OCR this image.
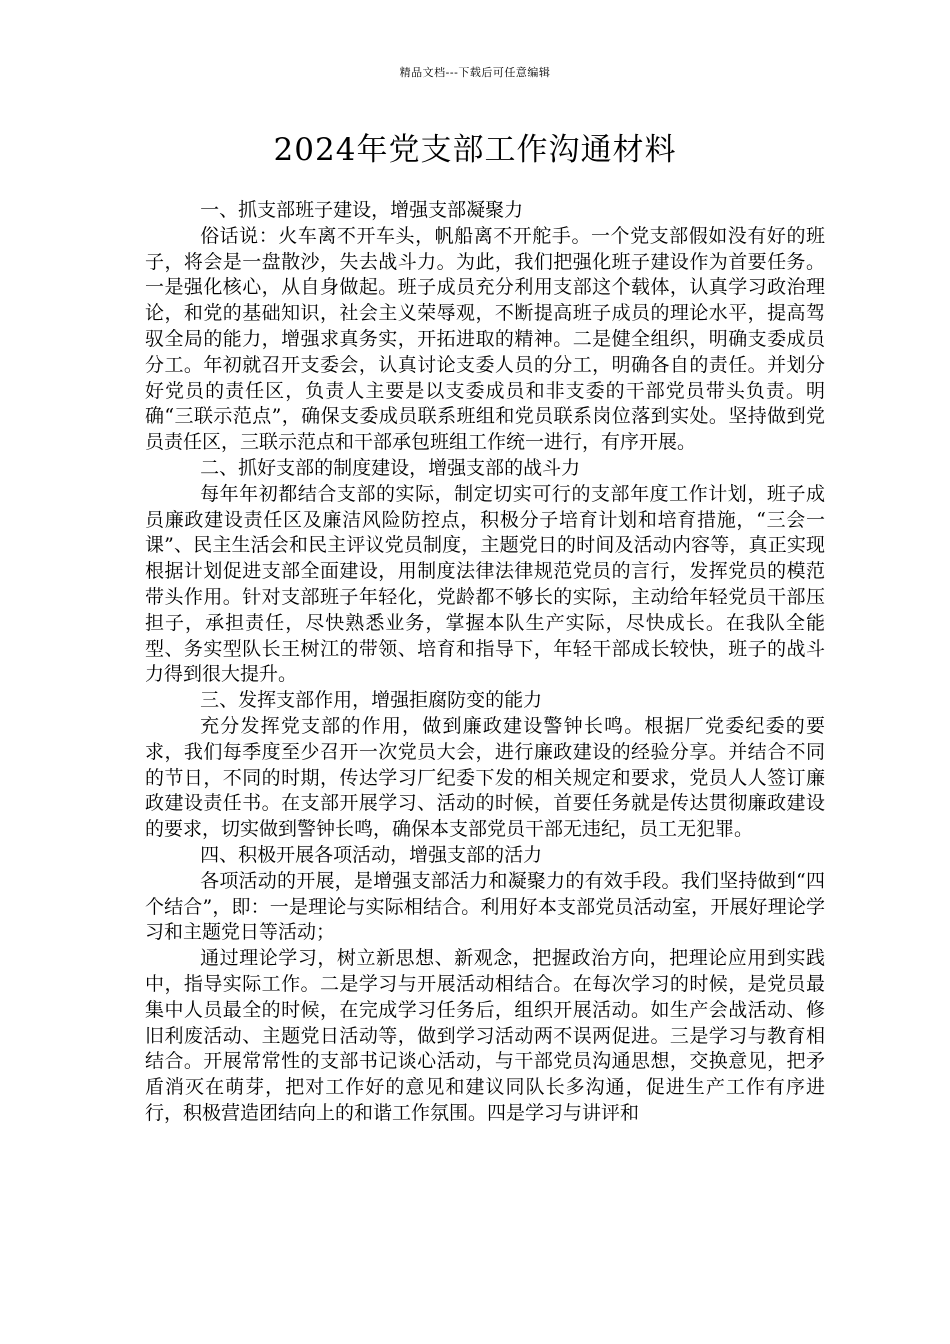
精品文档---下载后可任意编辑
2024年党支部工作沟通材料

一、抓支部班子建设，增强支部凝聚力

俗话说：火车离不开车头，帆船离不开舵手。一个党支部假如没有好的班子，将会是一盘散沙，失去战斗力。为此，我们把强化班子建设作为首要任务。一是强化核心，从自身做起。班子成员充分利用支部这个载体，认真学习政治理论，和党的基础知识，社会主义荣辱观，不断提高班子成员的理论水平，提高驾驭全局的能力，增强求真务实，开拓进取的精神。二是健全组织，明确支委成员分工。年初就召开支委会，认真讨论支委人员的分工，明确各自的责任。并划分好党员的责任区，负责人主要是以支委成员和非支委的干部党员带头负责。明确“三联示范点”，确保支委成员联系班组和党员联系岗位落到实处。坚持做到党员责任区，三联示范点和干部承包班组工作统一进行，有序开展。

二、抓好支部的制度建设，增强支部的战斗力

每年年初都结合支部的实际，制定切实可行的支部年度工作计划，班子成员廉政建设责任区及廉洁风险防控点，积极分子培育计划和培育措施，“三会一课”、民主生活会和民主评议党员制度，主题党日的时间及活动内容等，真正实现根据计划促进支部全面建设，用制度法律法律规范党员的言行，发挥党员的模范带头作用。针对支部班子年轻化，党龄都不够长的实际，主动给年轻党员干部压担子，承担责任，尽快熟悉业务，掌握本队生产实际，尽快成长。在我队全能型、务实型队长王树江的带领、培育和指导下，年轻干部成长较快，班子的战斗力得到很大提升。

三、发挥支部作用，增强拒腐防变的能力

充分发挥党支部的作用，做到廉政建设警钟长鸣。根据厂党委纪委的要求，我们每季度至少召开一次党员大会，进行廉政建设的经验分享。并结合不同的节日，不同的时期，传达学习厂纪委下发的相关规定和要求，党员人人签订廉政建设责任书。在支部开展学习、活动的时候，首要任务就是传达贯彻廉政建设的要求，切实做到警钟长鸣，确保本支部党员干部无违纪，员工无犯罪。

四、积极开展各项活动，增强支部的活力

各项活动的开展，是增强支部活力和凝聚力的有效手段。我们坚持做到“四个结合”，即：一是理论与实际相结合。利用好本支部党员活动室，开展好理论学习和主题党日等活动；

通过理论学习，树立新思想、新观念，把握政治方向，把理论应用到实践中，指导实际工作。二是学习与开展活动相结合。在每次学习的时候，是党员最集中人员最全的时候，在完成学习任务后，组织开展活动。如生产会战活动、修旧利废活动、主题党日活动等，做到学习活动两不误两促进。三是学习与教育相结合。开展常常性的支部书记谈心活动，与干部党员沟通思想，交换意见，把矛盾消灭在萌芽，把对工作好的意见和建议同队长多沟通，促进生产工作有序进行，积极营造团结向上的和谐工作氛围。四是学习与讲评和
